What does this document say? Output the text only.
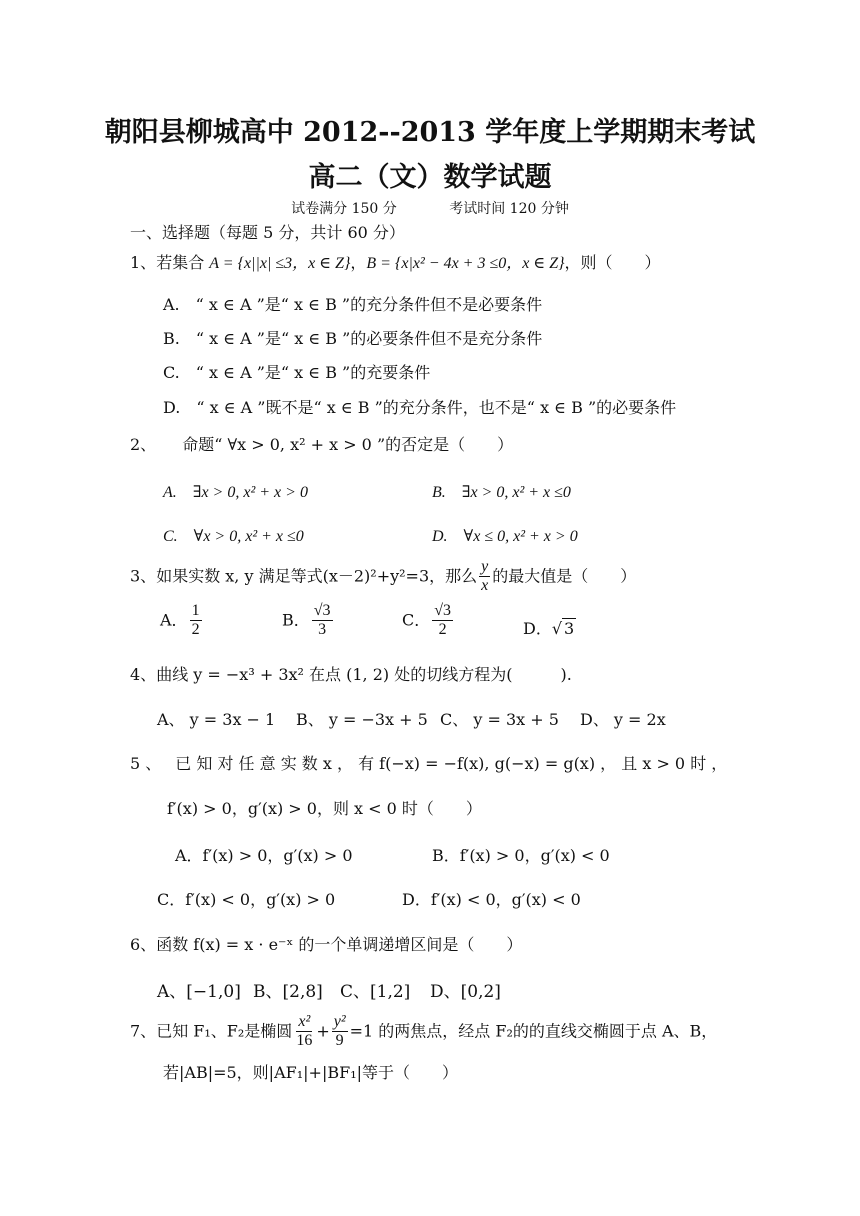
朝阳县柳城高中 2012--2013 学年度上学期期末考试
高二（文）数学试题
试卷满分 150 分	考试时间 120 分钟
一、选择题（每题 5 分，共计 60 分）
1、若集合 A = {x||x| ≤3，x ∈ Z}，B = {x|x² − 4x + 3 ≤0，x ∈ Z}，则（　　）
A.　“ x ∈ A ”是“ x ∈ B ”的充分条件但不是必要条件
B.　“ x ∈ A ”是“ x ∈ B ”的必要条件但不是充分条件
C.　“ x ∈ A ”是“ x ∈ B ”的充要条件
D.　“ x ∈ A ”既不是“ x ∈ B ”的充分条件，也不是“ x ∈ B ”的必要条件
2、 命题“ ∀x > 0, x² + x > 0 ”的否定是（　　）
A.　∃x > 0, x² + x > 0	B.　∃x > 0, x² + x ≤0
C.　∀x > 0, x² + x ≤0	D.　∀x ≤ 0, x² + x > 0
3、如果实数 x, y 满足等式(x－2)²+y²=3，那么 $\frac{y}{x}$ 的最大值是（　　）
A． $\frac{1}{2}$	B． $\frac{√3}{3}$	C． $\frac{√3}{2}$	D．√ 3
4、曲线 y = −x³ + 3x² 在点 (1, 2) 处的切线方程为(　　　).
A、 y = 3x − 1 B、 y = −3x + 5 C、 y = 3x + 5 D、 y = 2x
5 、 已 知 对 任 意 实 数 x ， 有 f(−x) = −f(x), g(−x) = g(x) ， 且 x > 0 时 ，
f′(x) > 0，g′(x) > 0，则 x < 0 时（　　）
A．f′(x) > 0，g′(x) > 0	B．f′(x) > 0，g′(x) < 0
C．f′(x) < 0，g′(x) > 0	D．f′(x) < 0，g′(x) < 0
6、函数 f(x) = x · e⁻ˣ 的一个单调递增区间是（　　）
A、[−1,0] B、[2,8] C、[1,2] D、[0,2]
7、已知 F₁、F₂是椭圆 $\frac{\text{x²}}{16} + \frac{\text{y²}}{9} =1$ 的两焦点，经点 F₂的的直线交椭圆于点 A、B，
若|AB|=5，则|AF₁|+|BF₁|等于（　　）
